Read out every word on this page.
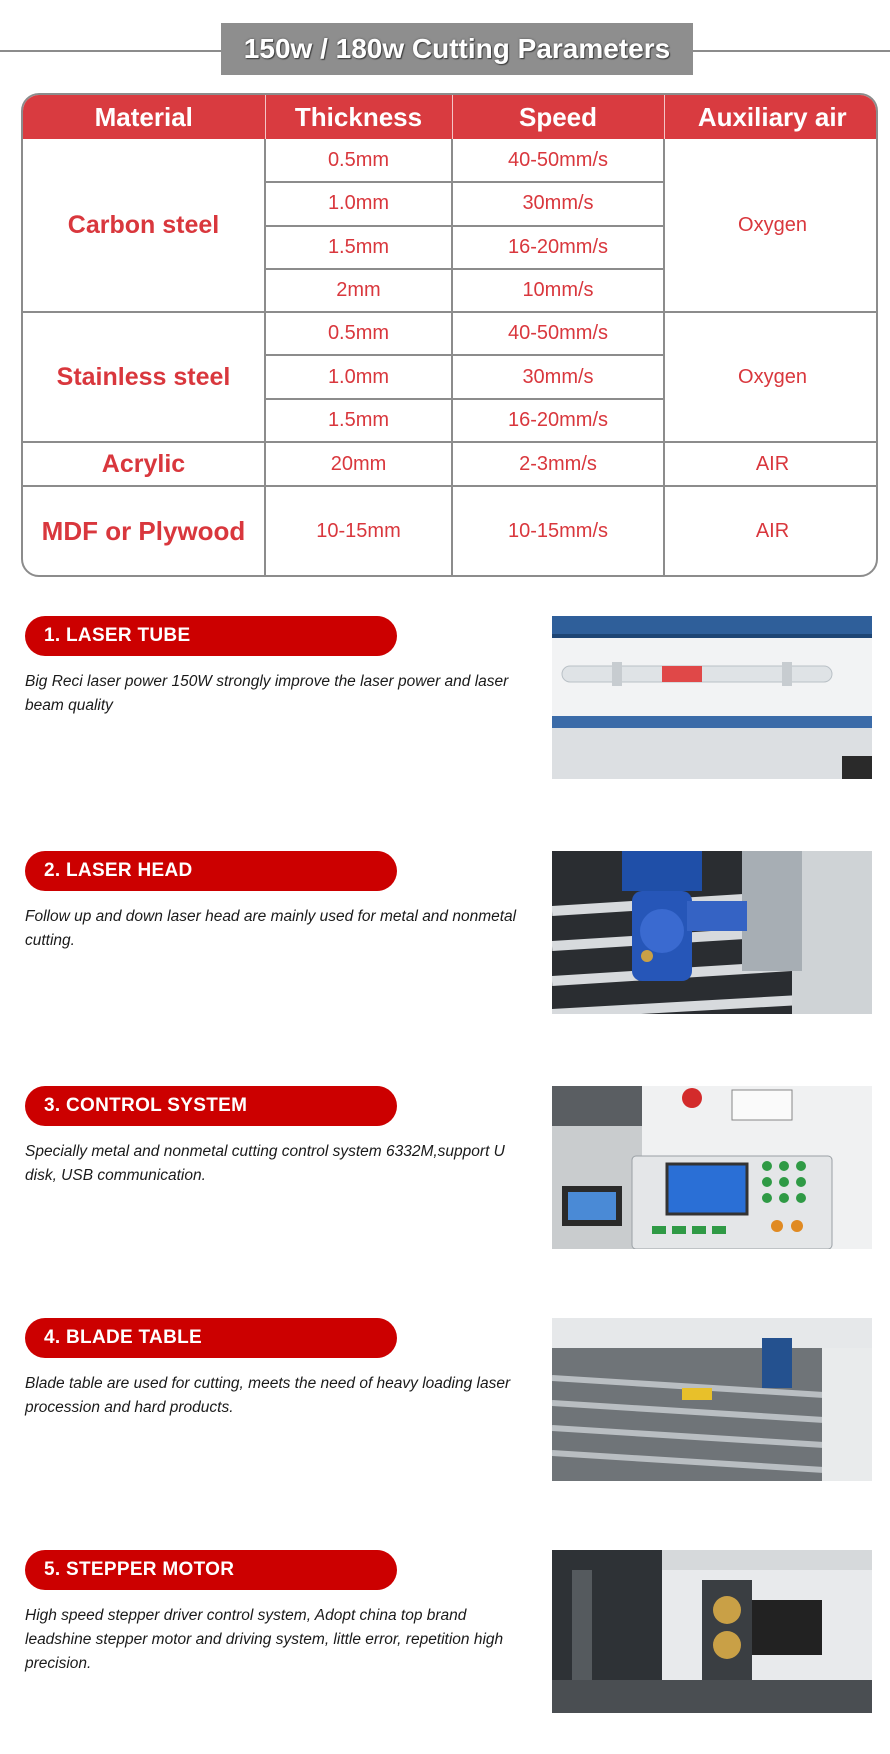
150w / 180w Cutting Parameters
Material	Thickness	Speed	Auxiliary air
Carbon steel	0.5mm	40-50mm/s	Oxygen
	1.0mm	30mm/s	
	1.5mm	16-20mm/s	
	2mm	10mm/s	
Stainless steel	0.5mm	40-50mm/s	Oxygen
	1.0mm	30mm/s	
	1.5mm	16-20mm/s	
Acrylic	20mm	2-3mm/s	AIR
MDF or Plywood	10-15mm	10-15mm/s	AIR
1. LASER TUBE
Big Reci laser power 150W strongly improve the laser power and laser beam quality
2. LASER HEAD
Follow up and down laser head are mainly used for metal and nonmetal cutting.
3. CONTROL SYSTEM
Specially metal and nonmetal cutting control system 6332M,support U disk, USB communication.
4. BLADE TABLE
Blade table are used for cutting, meets the need of heavy loading laser procession and hard products.
5. STEPPER MOTOR
High speed stepper driver control system, Adopt china top brand leadshine stepper motor and driving system, little error, repetition high precision.
